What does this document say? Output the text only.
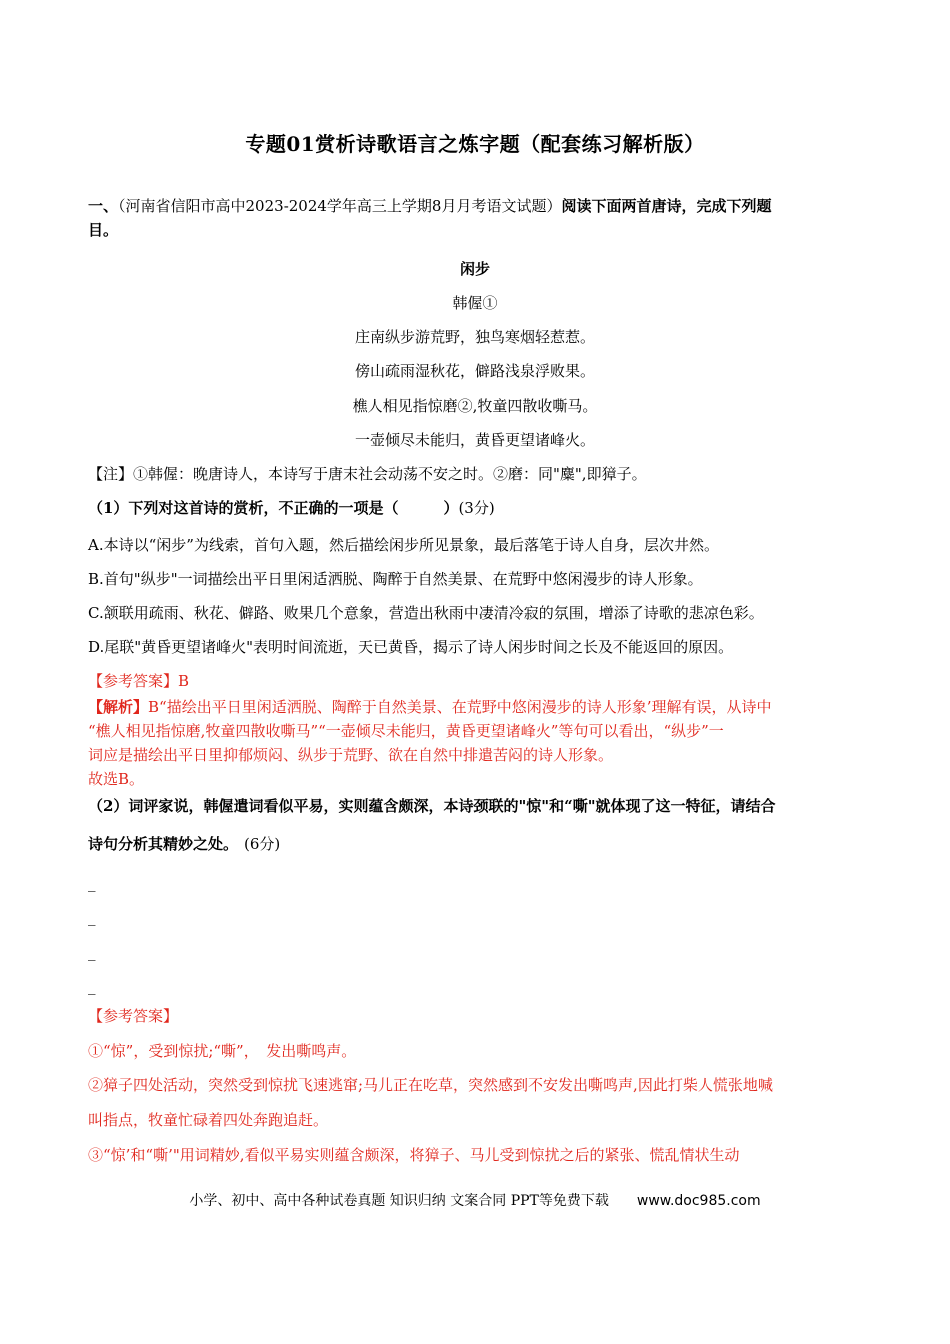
专题01赏析诗歌语言之炼字题（配套练习解析版）
一、（河南省信阳市高中2023-2024学年高三上学期8月月考语文试题）阅读下面两首唐诗，完成下列题
目。
闲步
韩偓①
庄南纵步游荒野，独鸟寒烟轻惹惹。
傍山疏雨湿秋花，僻路浅泉浮败果。
樵人相见指惊磨②,牧童四散收嘶马。
一壶倾尽未能归，黄昏更望诸峰火。
【注】①韩偓：晚唐诗人，本诗写于唐末社会动荡不安之时。②磨：同"麋",即獐子。
（1）下列对这首诗的赏析，不正确的一项是（　　　）(3分)
A.本诗以“闲步”为线索，首句入题，然后描绘闲步所见景象，最后落笔于诗人自身，层次井然。
B.首句"纵步"一词描绘出平日里闲适洒脱、陶醉于自然美景、在荒野中悠闲漫步的诗人形象。
C.颔联用疏雨、秋花、僻路、败果几个意象，营造出秋雨中凄清冷寂的氛围，增添了诗歌的悲凉色彩。
D.尾联"黄昏更望诸峰火"表明时间流逝，天已黄昏，揭示了诗人闲步时间之长及不能返回的原因。
【参考答案】B
【解析】B“描绘出平日里闲适洒脱、陶醉于自然美景、在荒野中悠闲漫步的诗人形象’理解有误，从诗中
“樵人相见指惊磨,牧童四散收嘶马”“一壶倾尽未能归，黄昏更望诸峰火”等句可以看出，“纵步”一
词应是描绘出平日里抑郁烦闷、纵步于荒野、欲在自然中排遣苦闷的诗人形象。
故选B。
（2）词评家说，韩偓遣词看似平易，实则蕴含颇深，本诗颈联的"惊"和“嘶"就体现了这一特征，请结合
诗句分析其精妙之处。 (6分)
_
_
_
_
【参考答案】
①“惊”，受到惊扰;“嘶”，　发出嘶鸣声。
②獐子四处活动，突然受到惊扰飞速逃窜;马儿正在吃草，突然感到不安发出嘶鸣声,因此打柴人慌张地喊
叫指点，牧童忙碌着四处奔跑追赶。
③“惊’和“嘶’"用词精妙,看似平易实则蕴含颇深，将獐子、马儿受到惊扰之后的紧张、慌乱情状生动
小学、初中、高中各种试卷真题 知识归纳 文案合同 PPT等免费下载 www.doc985.com
